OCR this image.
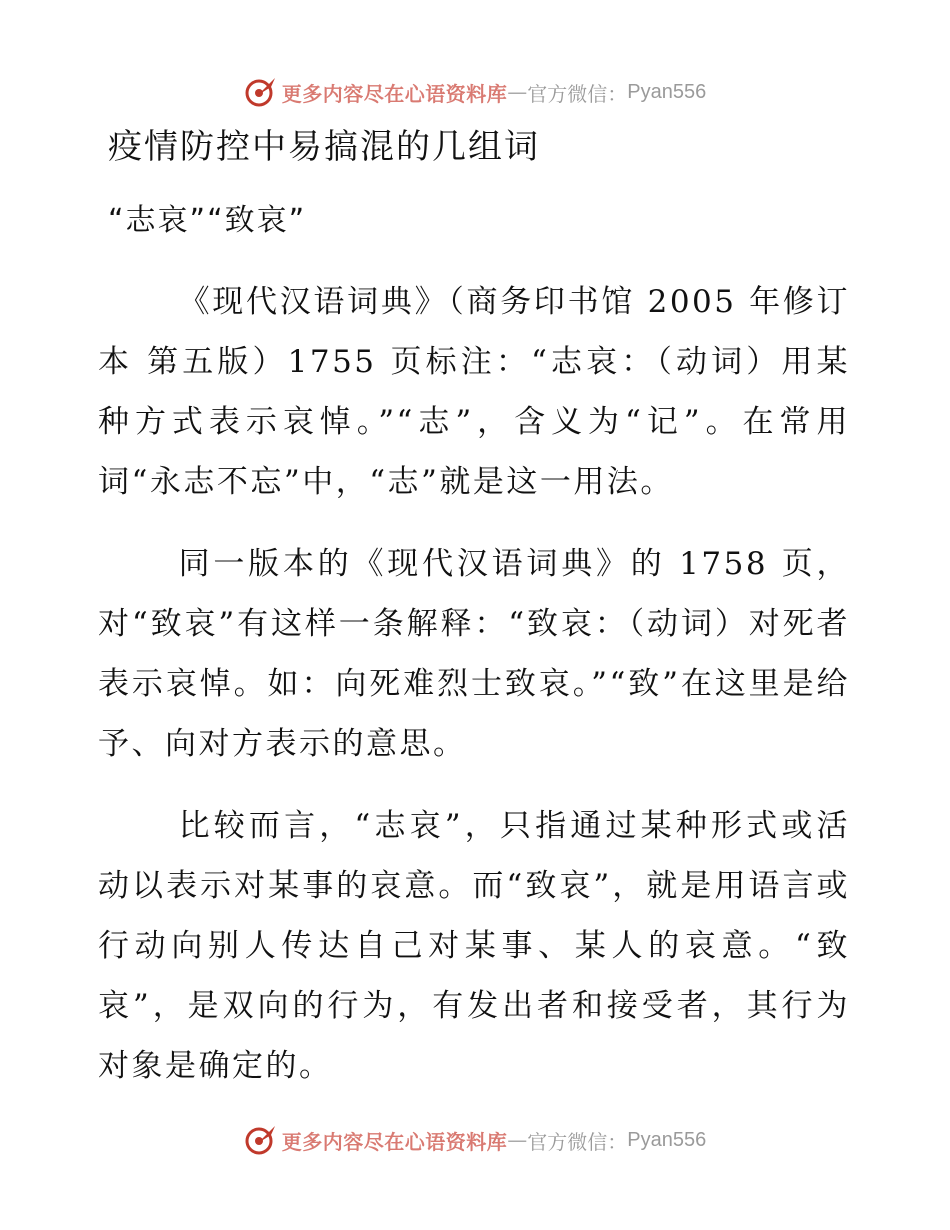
更多内容尽在心语资料库 — 官方微信： Pyan556
疫情防控中易搞混的几组词
“志哀”“致哀”

《现代汉语词典》（商务印书馆 2005 年修订本 第五版）1755 页标注：“志哀：（动词）用某种方式表示哀悼。”“志”，含义为“记”。在常用词“永志不忘”中，“志”就是这一用法。

同一版本的《现代汉语词典》的 1758 页，对“致哀”有这样一条解释：“致哀：（动词）对死者表示哀悼。如：向死难烈士致哀。”“致”在这里是给予、向对方表示的意思。

比较而言，“志哀”，只指通过某种形式或活动以表示对某事的哀意。而“致哀”，就是用语言或行动向别人传达自己对某事、某人的哀意。“致哀”，是双向的行为，有发出者和接受者，其行为对象是确定的。

更多内容尽在心语资料库 — 官方微信： Pyan556
